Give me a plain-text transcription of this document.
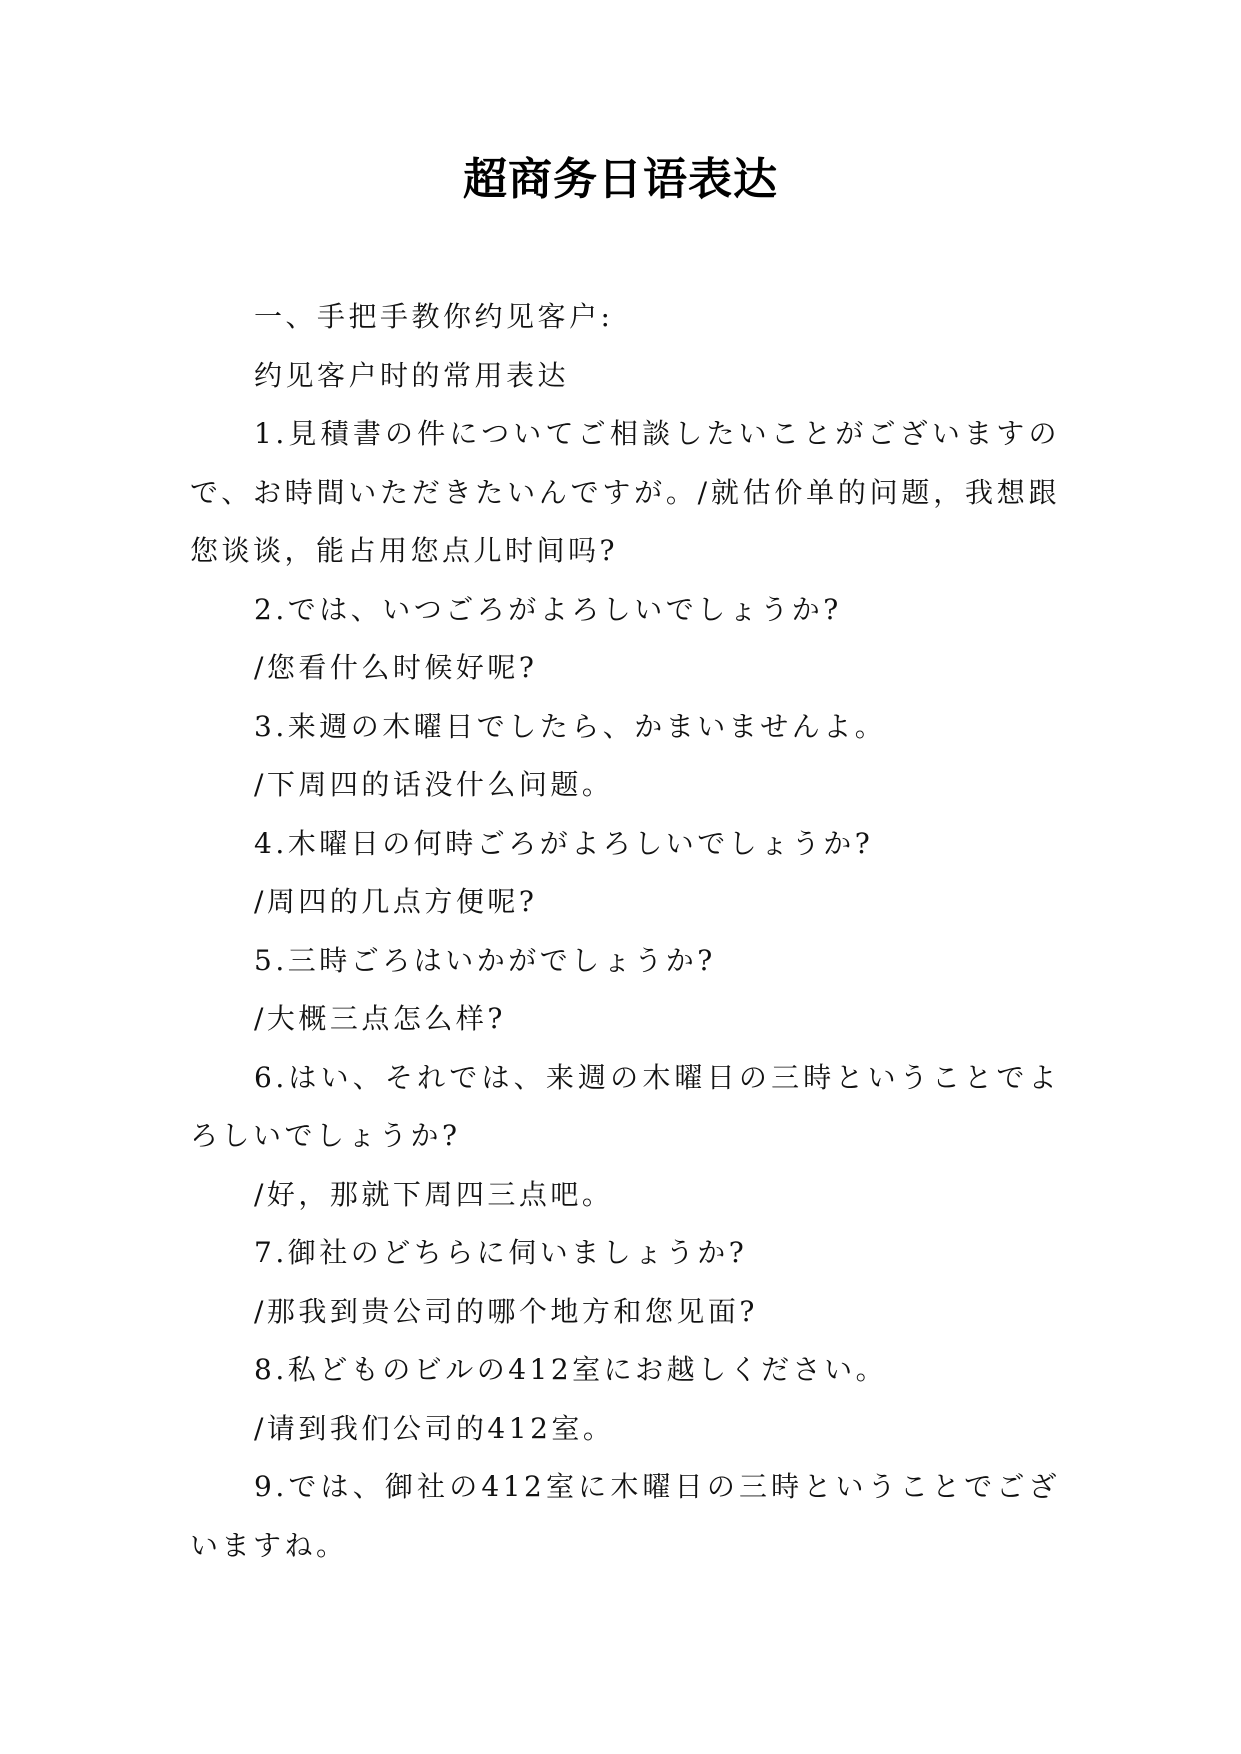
超商务日语表达

一、手把手教你约见客户:

约见客户时的常用表达

1.見積書の件についてご相談したいことがございますので、お時間いただきたいんですが。/就估价单的问题，我想跟您谈谈，能占用您点儿时间吗?

2.では、いつごろがよろしいでしょうか?

/您看什么时候好呢?

3.来週の木曜日でしたら、かまいませんよ。

/下周四的话没什么问题。

4.木曜日の何時ごろがよろしいでしょうか?

/周四的几点方便呢?

5.三時ごろはいかがでしょうか?

/大概三点怎么样?

6.はい、それでは、来週の木曜日の三時ということでよろしいでしょうか?

/好，那就下周四三点吧。

7.御社のどちらに伺いましょうか?

/那我到贵公司的哪个地方和您见面?

8.私どものビルの412室にお越しください。

/请到我们公司的412室。

9.では、御社の412室に木曜日の三時ということでございますね。
